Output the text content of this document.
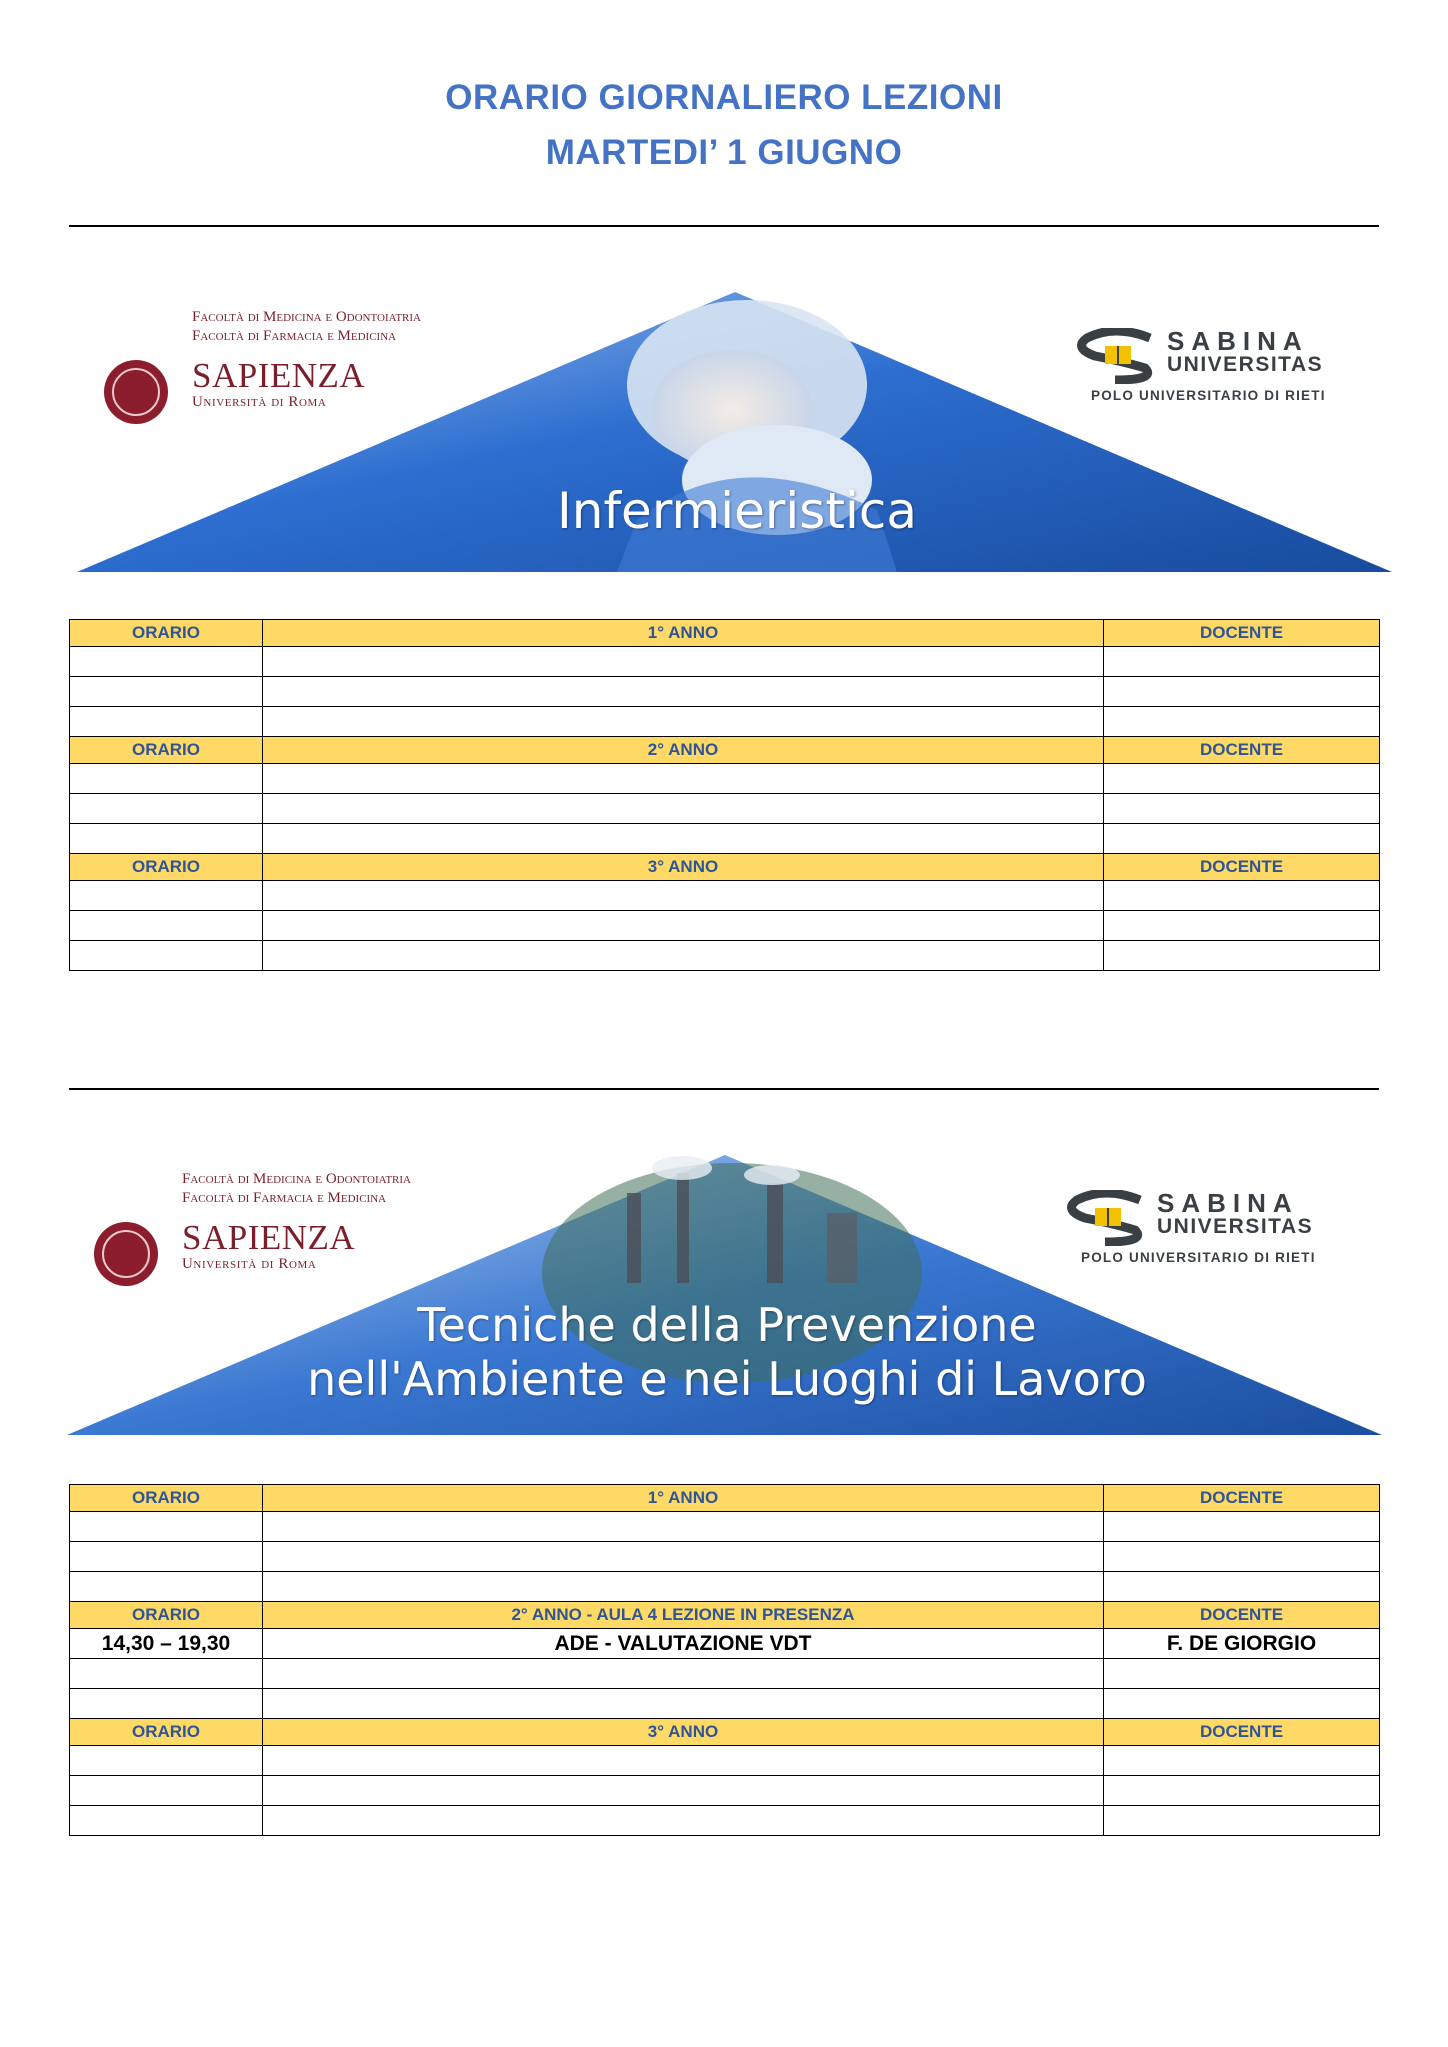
ORARIO GIORNALIERO LEZIONI
MARTEDI’ 1 GIUGNO
Infermieristica
Facoltà di Medicina e Odontoiatria
Facoltà di Farmacia e Medicina
SAPIENZA
Università di Roma
SABINA
UNIVERSITAS
POLO UNIVERSITARIO DI RIETI
ORARIO	1° ANNO	DOCENTE

ORARIO	2° ANNO	DOCENTE

ORARIO	3° ANNO	DOCENTE

Tecniche della Prevenzione
nell'Ambiente e nei Luoghi di Lavoro
Facoltà di Medicina e Odontoiatria
Facoltà di Farmacia e Medicina
SAPIENZA
Università di Roma
SABINA
UNIVERSITAS
POLO UNIVERSITARIO DI RIETI
ORARIO	1° ANNO	DOCENTE

ORARIO	2° ANNO - AULA 4 LEZIONE IN PRESENZA	DOCENTE
14,30 – 19,30	ADE - VALUTAZIONE VDT	F. DE GIORGIO

ORARIO	3° ANNO	DOCENTE
